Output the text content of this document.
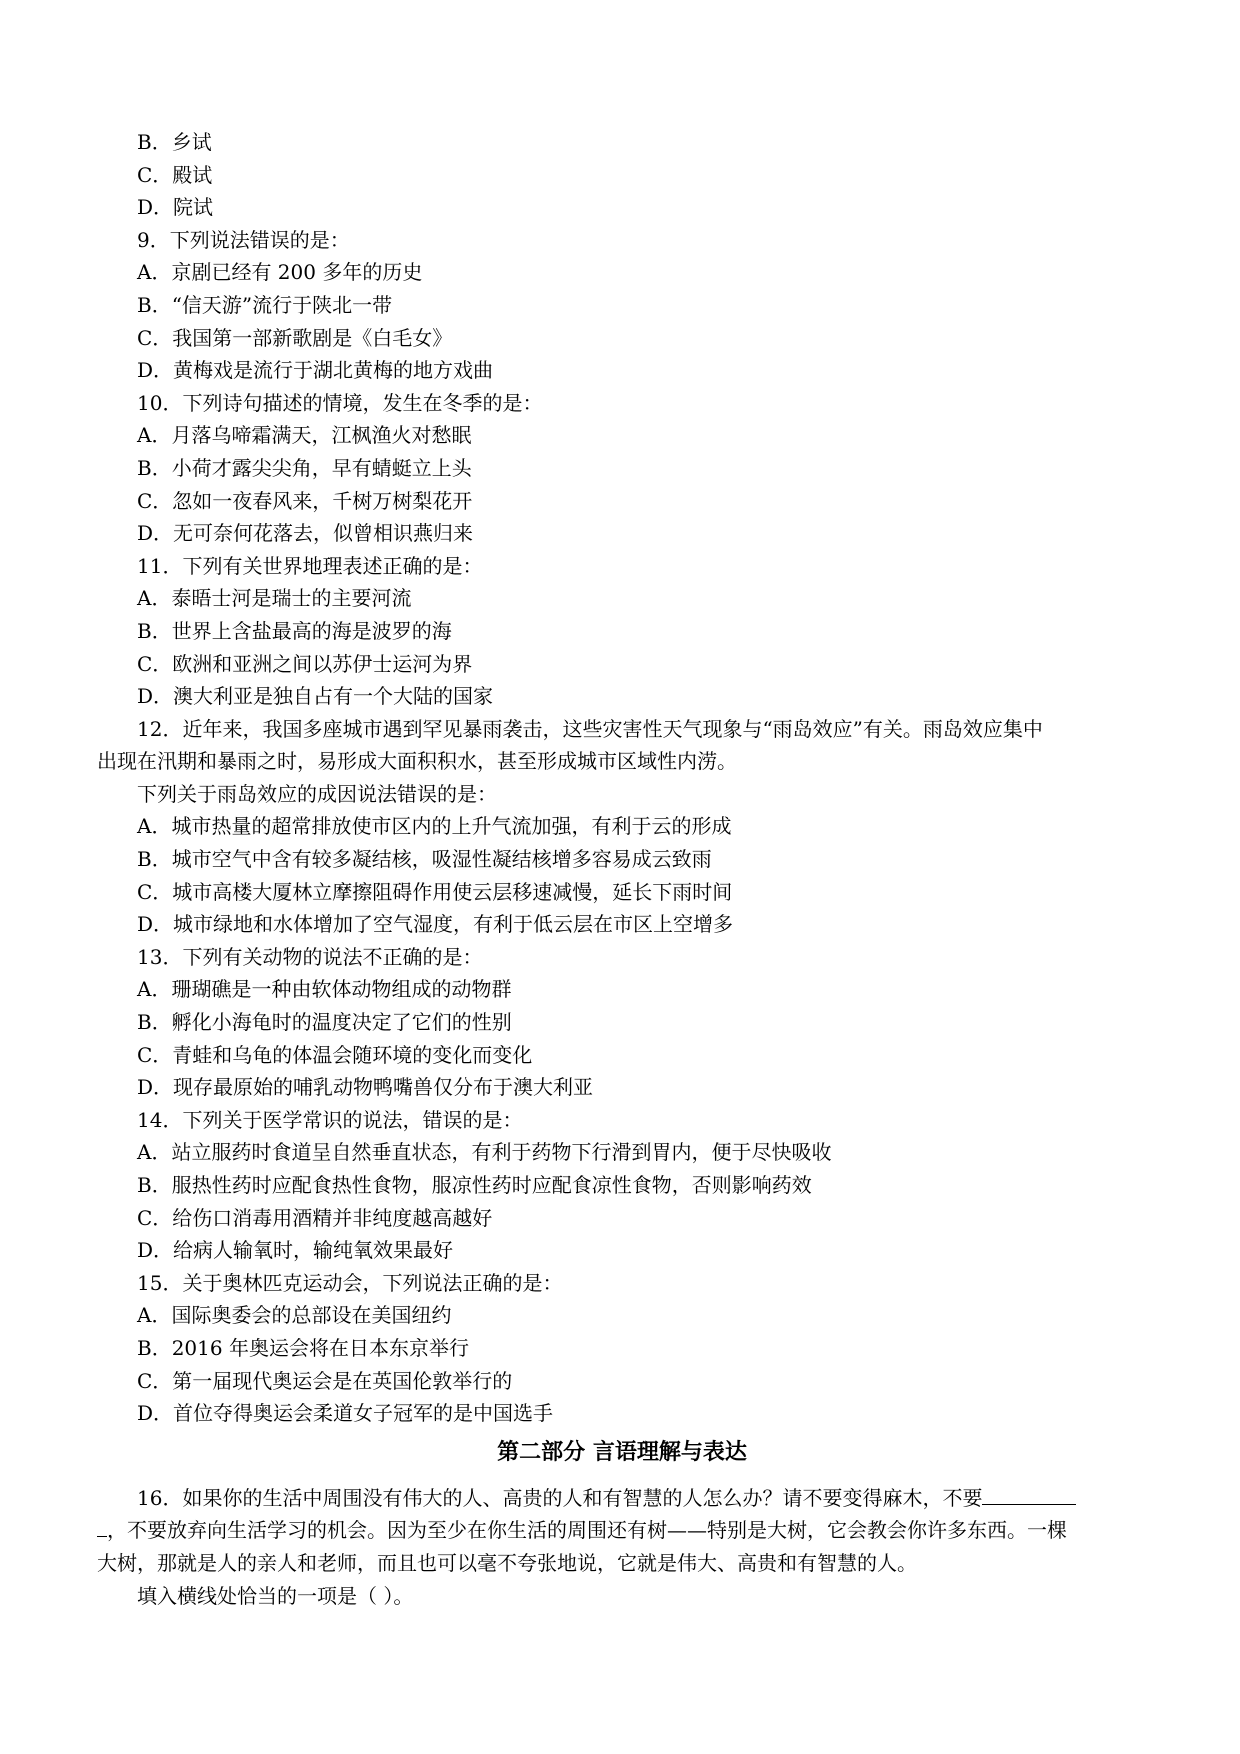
B．乡试
C．殿试
D．院试
9．下列说法错误的是：
A．京剧已经有 200 多年的历史
B．“信天游”流行于陕北一带
C．我国第一部新歌剧是《白毛女》
D．黄梅戏是流行于湖北黄梅的地方戏曲
10．下列诗句描述的情境，发生在冬季的是：
A．月落乌啼霜满天，江枫渔火对愁眠
B．小荷才露尖尖角，早有蜻蜓立上头
C．忽如一夜春风来，千树万树梨花开
D．无可奈何花落去，似曾相识燕归来
11．下列有关世界地理表述正确的是：
A．泰晤士河是瑞士的主要河流
B．世界上含盐最高的海是波罗的海
C．欧洲和亚洲之间以苏伊士运河为界
D．澳大利亚是独自占有一个大陆的国家
12．近年来，我国多座城市遇到罕见暴雨袭击，这些灾害性天气现象与“雨岛效应”有关。雨岛效应集中
出现在汛期和暴雨之时，易形成大面积积水，甚至形成城市区域性内涝。
下列关于雨岛效应的成因说法错误的是：
A．城市热量的超常排放使市区内的上升气流加强，有利于云的形成
B．城市空气中含有较多凝结核，吸湿性凝结核增多容易成云致雨
C．城市高楼大厦林立摩擦阻碍作用使云层移速减慢，延长下雨时间
D．城市绿地和水体增加了空气湿度，有利于低云层在市区上空增多
13．下列有关动物的说法不正确的是：
A．珊瑚礁是一种由软体动物组成的动物群
B．孵化小海龟时的温度决定了它们的性别
C．青蛙和乌龟的体温会随环境的变化而变化
D．现存最原始的哺乳动物鸭嘴兽仅分布于澳大利亚
14．下列关于医学常识的说法，错误的是：
A．站立服药时食道呈自然垂直状态，有利于药物下行滑到胃内，便于尽快吸收
B．服热性药时应配食热性食物，服凉性药时应配食凉性食物，否则影响药效
C．给伤口消毒用酒精并非纯度越高越好
D．给病人输氧时，输纯氧效果最好
15．关于奥林匹克运动会，下列说法正确的是：
A．国际奥委会的总部设在美国纽约
B．2016 年奥运会将在日本东京举行
C．第一届现代奥运会是在英国伦敦举行的
D．首位夺得奥运会柔道女子冠军的是中国选手
第二部分 言语理解与表达
16．如果你的生活中周围没有伟大的人、高贵的人和有智慧的人怎么办？请不要变得麻木，不要
，不要放弃向生活学习的机会。因为至少在你生活的周围还有树——特别是大树，它会教会你许多东西。一棵
大树，那就是人的亲人和老师，而且也可以毫不夸张地说，它就是伟大、高贵和有智慧的人。
填入横线处恰当的一项是（ ）。
